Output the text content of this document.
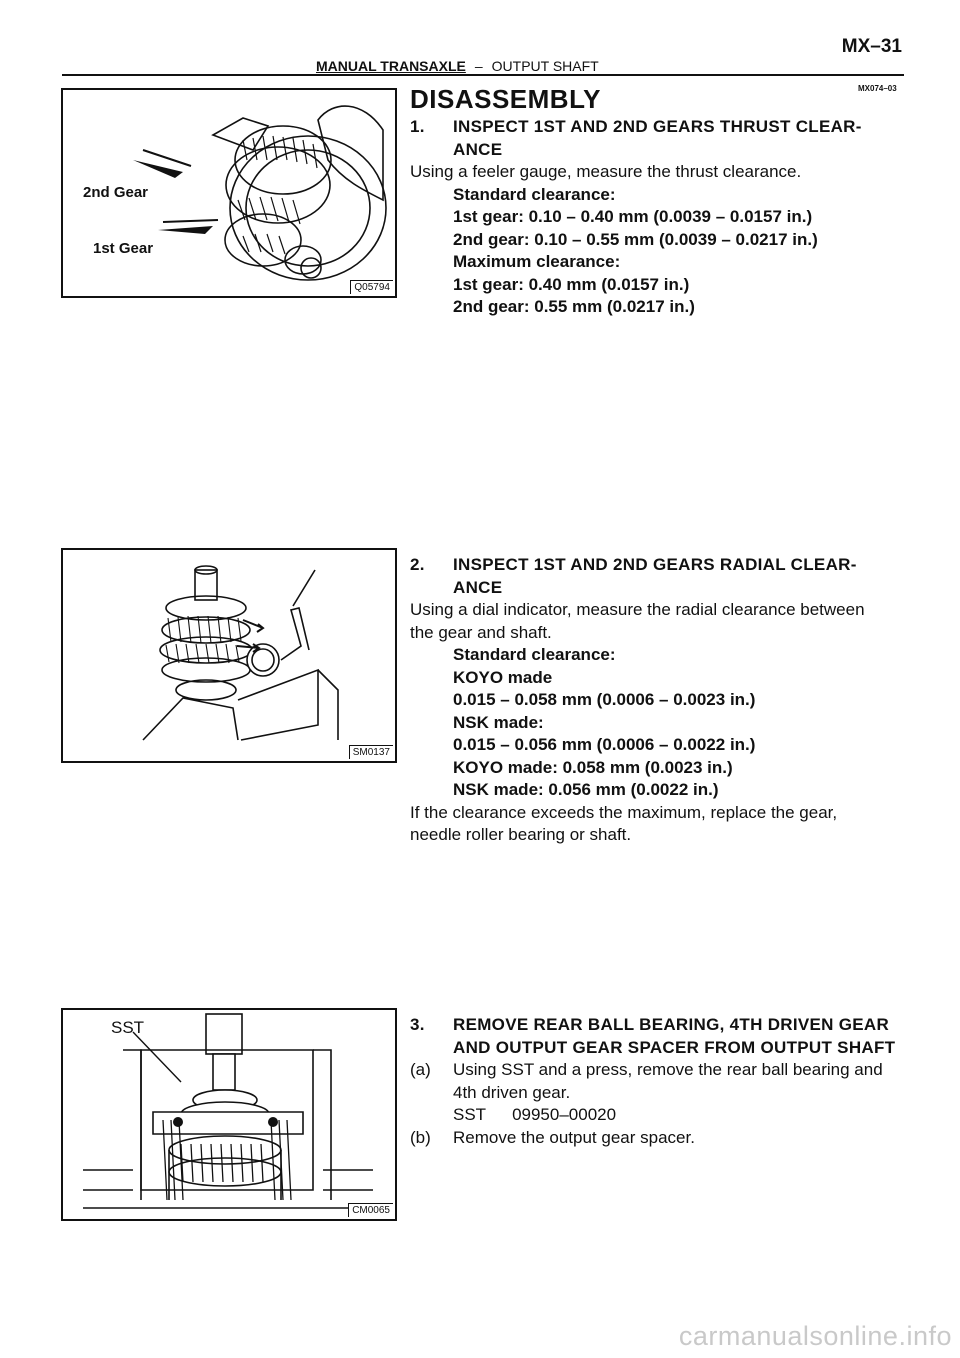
MX–31
MANUAL TRANSAXLE – OUTPUT SHAFT
MX074–03
DISASSEMBLY
2nd Gear
1st Gear
Q05794
SM0137
SST
CM0065
1. INSPECT 1ST AND 2ND GEARS THRUST CLEAR-
ANCE
Using a feeler gauge, measure the thrust clearance.
Standard clearance:
1st gear: 0.10 – 0.40 mm (0.0039 – 0.0157 in.)
2nd gear: 0.10 – 0.55 mm (0.0039 – 0.0217 in.)
Maximum clearance:
1st gear: 0.40 mm (0.0157 in.)
2nd gear: 0.55 mm (0.0217 in.)
2. INSPECT 1ST AND 2ND GEARS RADIAL CLEAR-
ANCE
Using a dial indicator, measure the radial clearance between
the gear and shaft.
Standard clearance:
KOYO made
0.015 – 0.058 mm (0.0006 – 0.0023 in.)
NSK made:
0.015 – 0.056 mm (0.0006 – 0.0022 in.)
KOYO made: 0.058 mm (0.0023 in.)
NSK made: 0.056 mm (0.0022 in.)
If the clearance exceeds the maximum, replace the gear,
needle roller bearing or shaft.
3. REMOVE REAR BALL BEARING, 4TH DRIVEN GEAR
AND OUTPUT GEAR SPACER FROM OUTPUT SHAFT
(a) Using SST and a press, remove the rear ball bearing and
4th driven gear.
SST 09950–00020
(b) Remove the output gear spacer.
carmanualsonline.info
